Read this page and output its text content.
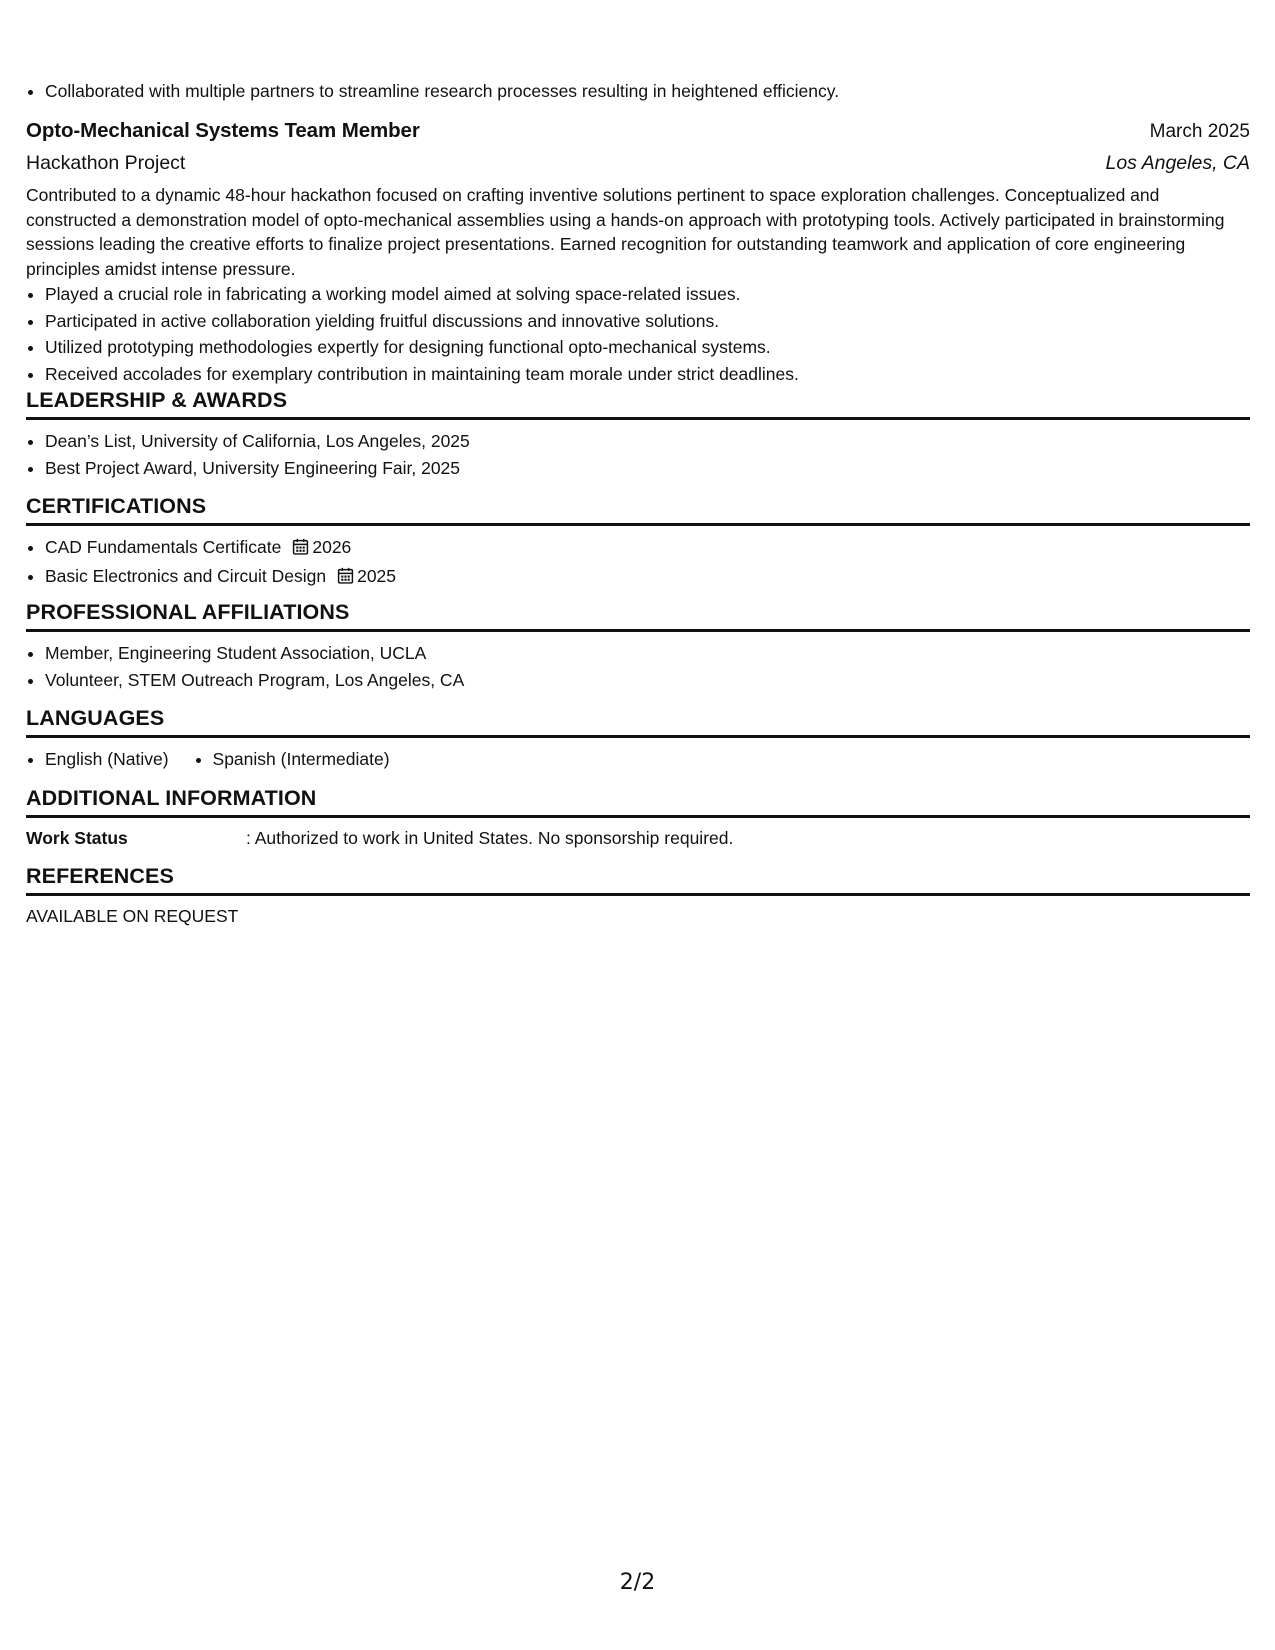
• Collaborated with multiple partners to streamline research processes resulting in heightened efficiency.
Opto-Mechanical Systems Team Member	March 2025
Hackathon Project	Los Angeles, CA

Contributed to a dynamic 48-hour hackathon focused on crafting inventive solutions pertinent to space exploration challenges. Conceptualized and constructed a demonstration model of opto-mechanical assemblies using a hands-on approach with prototyping tools. Actively participated in brainstorming sessions leading the creative efforts to finalize project presentations. Earned recognition for outstanding teamwork and application of core engineering principles amidst intense pressure.

• Played a crucial role in fabricating a working model aimed at solving space-related issues.
• Participated in active collaboration yielding fruitful discussions and innovative solutions.
• Utilized prototyping methodologies expertly for designing functional opto-mechanical systems.
• Received accolades for exemplary contribution in maintaining team morale under strict deadlines.
LEADERSHIP & AWARDS
• Dean’s List, University of California, Los Angeles, 2025
• Best Project Award, University Engineering Fair, 2025
CERTIFICATIONS
• CAD Fundamentals Certificate 2026
• Basic Electronics and Circuit Design 2025
PROFESSIONAL AFFILIATIONS
• Member, Engineering Student Association, UCLA
• Volunteer, STEM Outreach Program, Los Angeles, CA
LANGUAGES
• English (Native)
•	Spanish (Intermediate)
ADDITIONAL INFORMATION
Work Status	: Authorized to work in United States. No sponsorship required.
REFERENCES
AVAILABLE ON REQUEST
2/2
